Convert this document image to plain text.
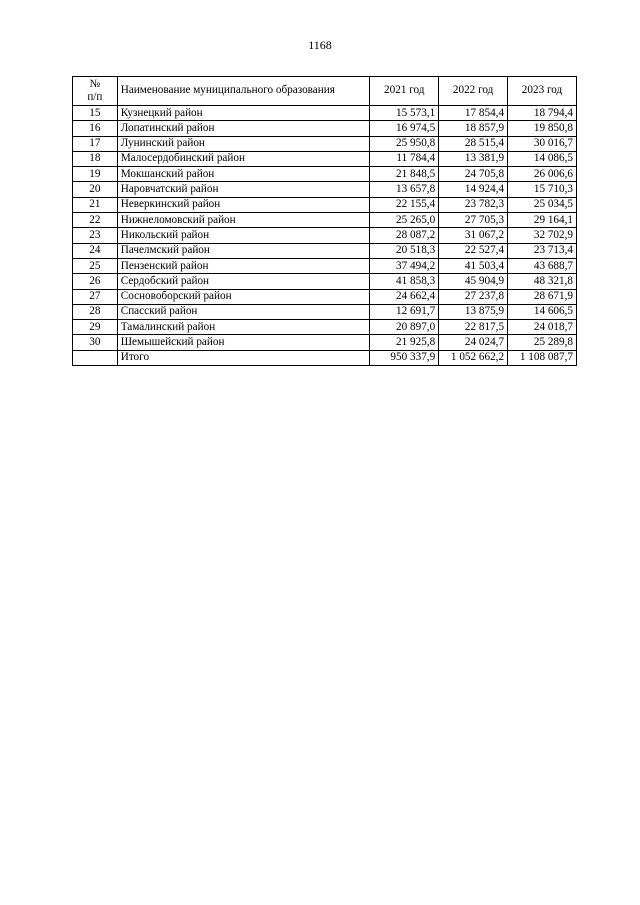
1168
№
п/п	Наименование муниципального образования	2021 год	2022 год	2023 год
15	Кузнецкий район	15 573,1	17 854,4	18 794,4
16	Лопатинский район	16 974,5	18 857,9	19 850,8
17	Лунинский район	25 950,8	28 515,4	30 016,7
18	Малосердобинский район	11 784,4	13 381,9	14 086,5
19	Мокшанский район	21 848,5	24 705,8	26 006,6
20	Наровчатский район	13 657,8	14 924,4	15 710,3
21	Неверкинский район	22 155,4	23 782,3	25 034,5
22	Нижнеломовский район	25 265,0	27 705,3	29 164,1
23	Никольский район	28 087,2	31 067,2	32 702,9
24	Пачелмский район	20 518,3	22 527,4	23 713,4
25	Пензенский район	37 494,2	41 503,4	43 688,7
26	Сердобский район	41 858,3	45 904,9	48 321,8
27	Сосновоборский район	24 662,4	27 237,8	28 671,9
28	Спасский район	12 691,7	13 875,9	14 606,5
29	Тамалинский район	20 897,0	22 817,5	24 018,7
30	Шемышейский район	21 925,8	24 024,7	25 289,8
	Итого	950 337,9	1 052 662,2	1 108 087,7
